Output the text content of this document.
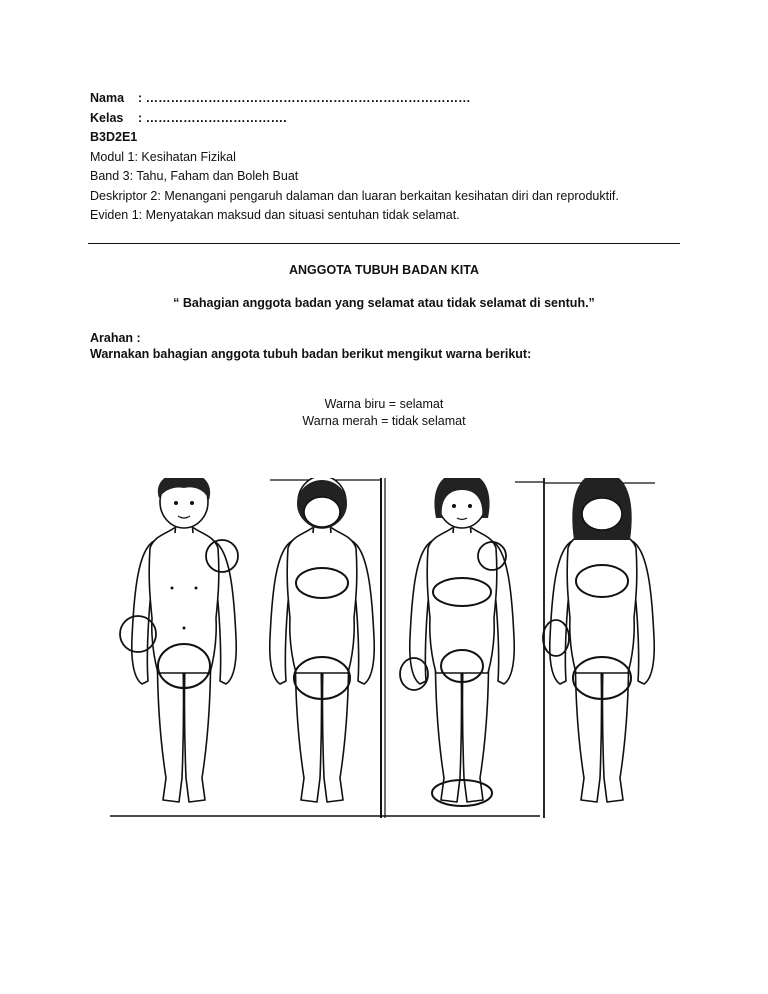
Nama : ……………………………………………………………………
Kelas : …………………………….
B3D2E1
Modul 1: Kesihatan Fizikal
Band 3: Tahu, Faham dan Boleh Buat
Deskriptor 2: Menangani pengaruh dalaman dan luaran berkaitan kesihatan diri dan reproduktif.
Eviden 1: Menyatakan maksud dan situasi sentuhan tidak selamat.
ANGGOTA TUBUH BADAN KITA
“ Bahagian anggota badan yang selamat atau tidak selamat di sentuh.”
Arahan :
Warnakan bahagian anggota tubuh badan berikut mengikut warna berikut:
Warna biru = selamat
Warna merah = tidak selamat
